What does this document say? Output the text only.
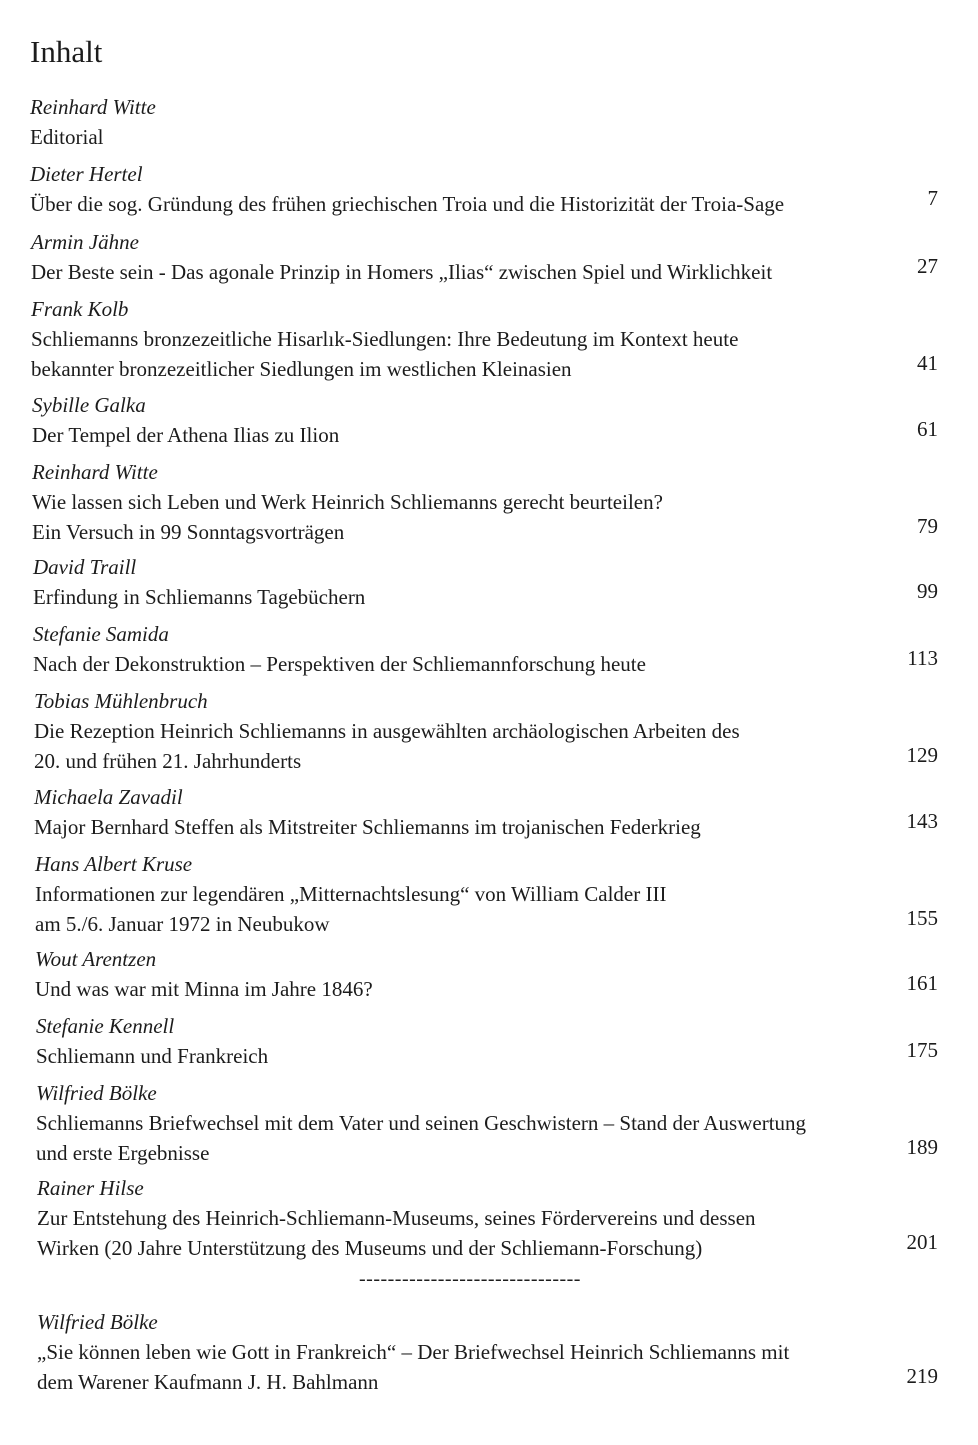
Inhalt
Reinhard Witte
Editorial
Dieter Hertel
Über die sog. Gründung des frühen griechischen Troia und die Historizität der Troia-Sage	7
Armin Jähne
Der Beste sein - Das agonale Prinzip in Homers „Ilias“ zwischen Spiel und Wirklichkeit	27
Frank Kolb
Schliemanns bronzezeitliche Hisarlık-Siedlungen: Ihre Bedeutung im Kontext heute
bekannter bronzezeitlicher Siedlungen im westlichen Kleinasien	41
Sybille Galka
Der Tempel der Athena Ilias zu Ilion	61
Reinhard Witte
Wie lassen sich Leben und Werk Heinrich Schliemanns gerecht beurteilen?
Ein Versuch in 99 Sonntagsvorträgen	79
David Traill
Erfindung in Schliemanns Tagebüchern	99
Stefanie Samida
Nach der Dekonstruktion – Perspektiven der Schliemannforschung heute	113
Tobias Mühlenbruch
Die Rezeption Heinrich Schliemanns in ausgewählten archäologischen Arbeiten des
20. und frühen 21. Jahrhunderts	129
Michaela Zavadil
Major Bernhard Steffen als Mitstreiter Schliemanns im trojanischen Federkrieg	143
Hans Albert Kruse
Informationen zur legendären „Mitternachtslesung“ von William Calder III
am 5./6. Januar 1972 in Neubukow	155
Wout Arentzen
Und was war mit Minna im Jahre 1846?	161
Stefanie Kennell
Schliemann und Frankreich	175
Wilfried Bölke
Schliemanns Briefwechsel mit dem Vater und seinen Geschwistern – Stand der Auswertung
und erste Ergebnisse	189
Rainer Hilse
Zur Entstehung des Heinrich-Schliemann-Museums, seines Fördervereins und dessen
Wirken (20 Jahre Unterstützung des Museums und der Schliemann-Forschung)	201
Wilfried Bölke
„Sie können leben wie Gott in Frankreich“ – Der Briefwechsel Heinrich Schliemanns mit
dem Warener Kaufmann J. H. Bahlmann	219
-------------------------------
